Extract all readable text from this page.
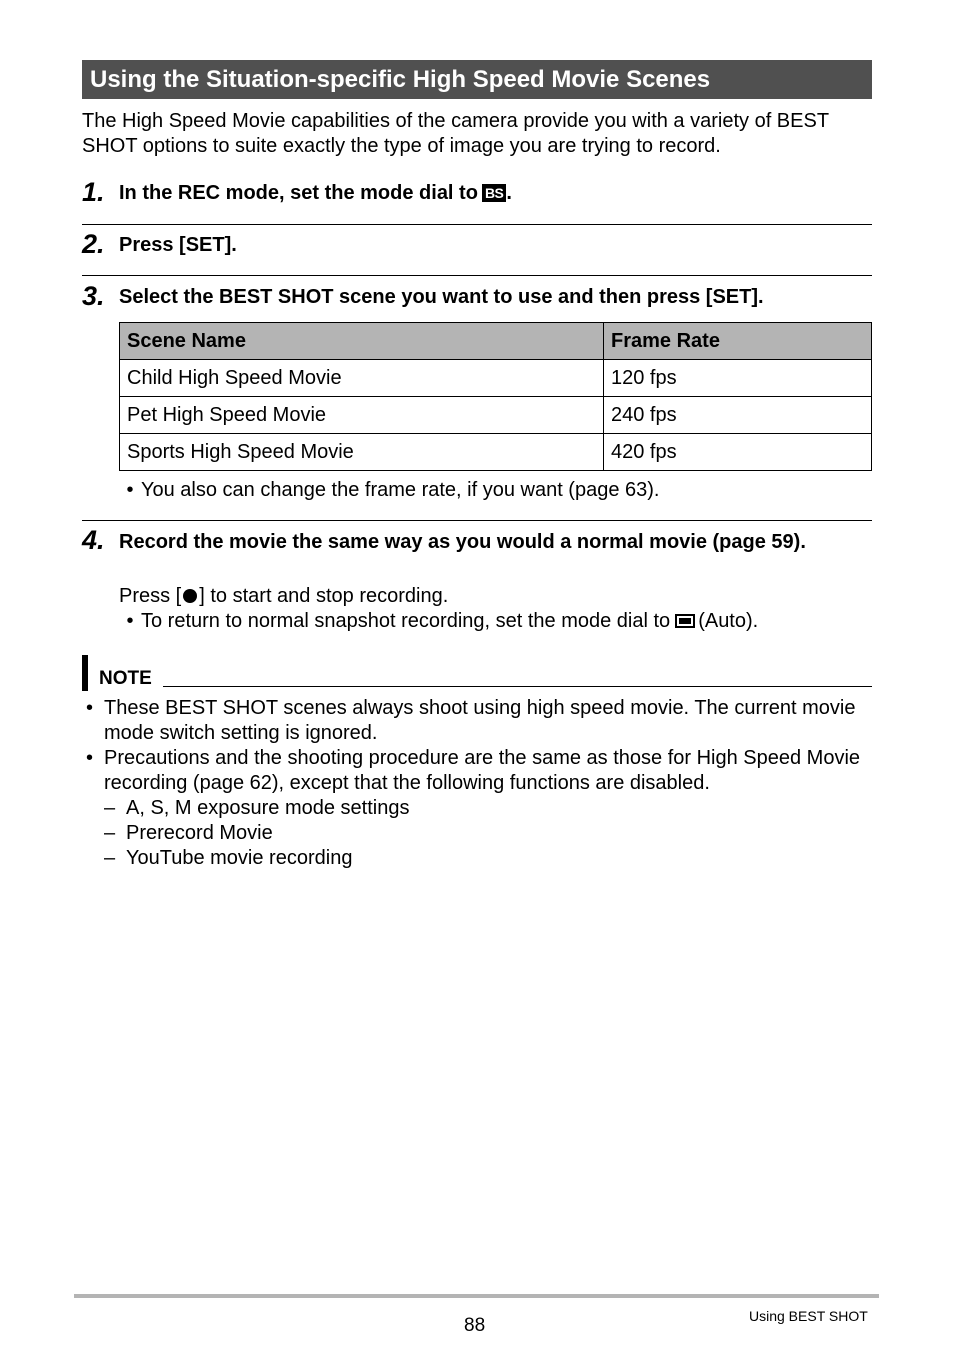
Using the Situation-specific High Speed Movie Scenes
The High Speed Movie capabilities of the camera provide you with a variety of BEST SHOT options to suite exactly the type of image you are trying to record.
1. In the REC mode, set the mode dial to BS .
2. Press [SET].
3. Select the BEST SHOT scene you want to use and then press [SET].
Scene Name	Frame Rate
Child High Speed Movie	120 fps
Pet High Speed Movie	240 fps
Sports High Speed Movie	420 fps
• You also can change the frame rate, if you want (page 63).
4. Record the movie the same way as you would a normal movie (page 59).
Press [ ] to start and stop recording.
• To return to normal snapshot recording, set the mode dial to (Auto).
NOTE
• These BEST SHOT scenes always shoot using high speed movie. The current movie mode switch setting is ignored.
• Precautions and the shooting procedure are the same as those for High Speed Movie recording (page 62), except that the following functions are disabled.
– A, S, M exposure mode settings
– Prerecord Movie
– YouTube movie recording
88	Using BEST SHOT
